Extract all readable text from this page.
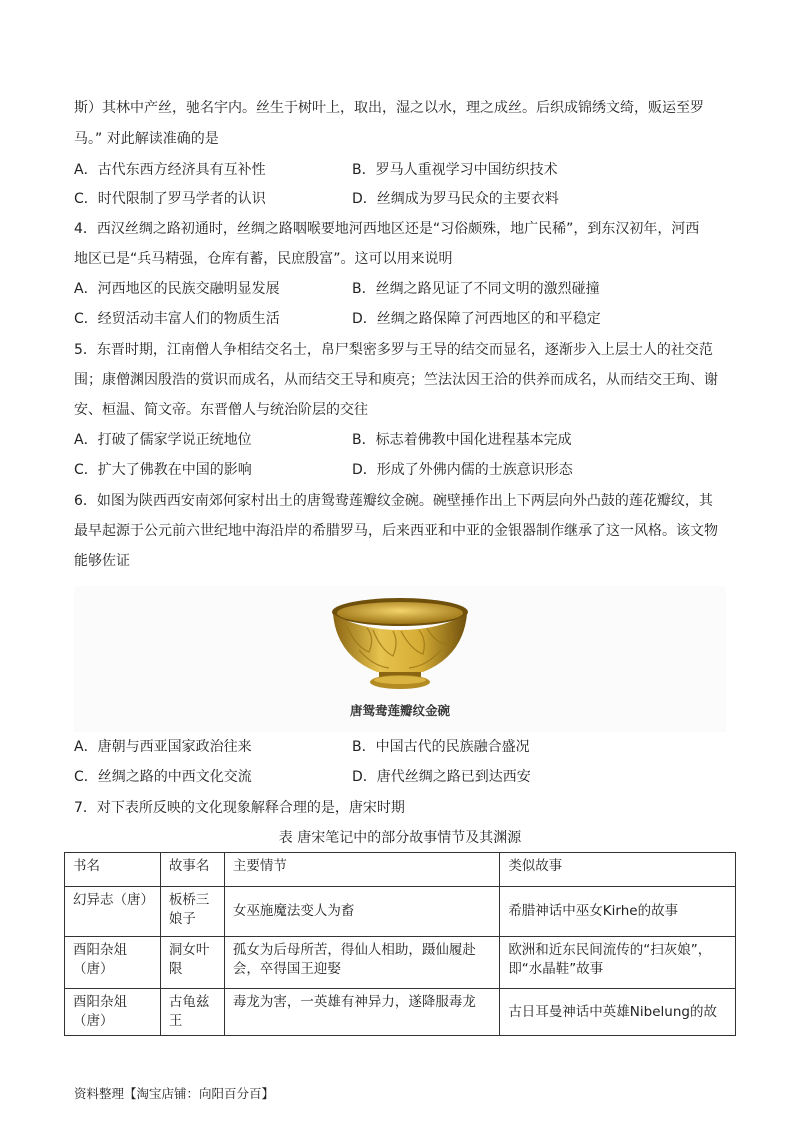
斯）其林中产丝，驰名宇内。丝生于树叶上，取出，湿之以水，理之成丝。后织成锦绣文绮，贩运至罗
马。” 对此解读准确的是
A．古代东西方经济具有互补性	B．罗马人重视学习中国纺织技术
C．时代限制了罗马学者的认识	D．丝绸成为罗马民众的主要衣料
4．西汉丝绸之路初通时，丝绸之路咽喉要地河西地区还是“习俗颇殊，地广民稀”，到东汉初年，河西
地区已是“兵马精强，仓库有蓄，民庶殷富”。这可以用来说明
A．河西地区的民族交融明显发展	B．丝绸之路见证了不同文明的激烈碰撞
C．经贸活动丰富人们的物质生活	D．丝绸之路保障了河西地区的和平稳定
5．东晋时期，江南僧人争相结交名士，帛尸梨密多罗与王导的结交而显名，逐渐步入上层士人的社交范
围；康僧渊因殷浩的赏识而成名，从而结交王导和庾亮；竺法汰因王洽的供养而成名，从而结交王珣、谢
安、桓温、简文帝。东晋僧人与统治阶层的交往
A．打破了儒家学说正统地位	B．标志着佛教中国化进程基本完成
C．扩大了佛教在中国的影响	D．形成了外佛内儒的士族意识形态
6．如图为陕西西安南郊何家村出土的唐鸳鸯莲瓣纹金碗。碗壁捶作出上下两层向外凸鼓的莲花瓣纹，其
最早起源于公元前六世纪地中海沿岸的希腊罗马，后来西亚和中亚的金银器制作继承了这一风格。该文物
能够佐证
唐鸳鸯莲瓣纹金碗
A．唐朝与西亚国家政治往来	B．中国古代的民族融合盛况
C．丝绸之路的中西文化交流	D．唐代丝绸之路已到达西安
7．对下表所反映的文化现象解释合理的是，唐宋时期
表 唐宋笔记中的部分故事情节及其渊源
书名	故事名	主要情节	类似故事
幻异志（唐）	板桥三娘子	女巫施魔法变人为畜	希腊神话中巫女Kirhe的故事
酉阳杂俎（唐）	洞女叶限	孤女为后母所苦，得仙人相助，蹑仙履赴会，卒得国王迎娶	欧洲和近东民间流传的“扫灰娘”，即“水晶鞋”故事
酉阳杂俎（唐）	古龟兹王	毒龙为害，一英雄有神异力，遂降服毒龙	古日耳曼神话中英雄Nibelung的故
资料整理【淘宝店铺：向阳百分百】
